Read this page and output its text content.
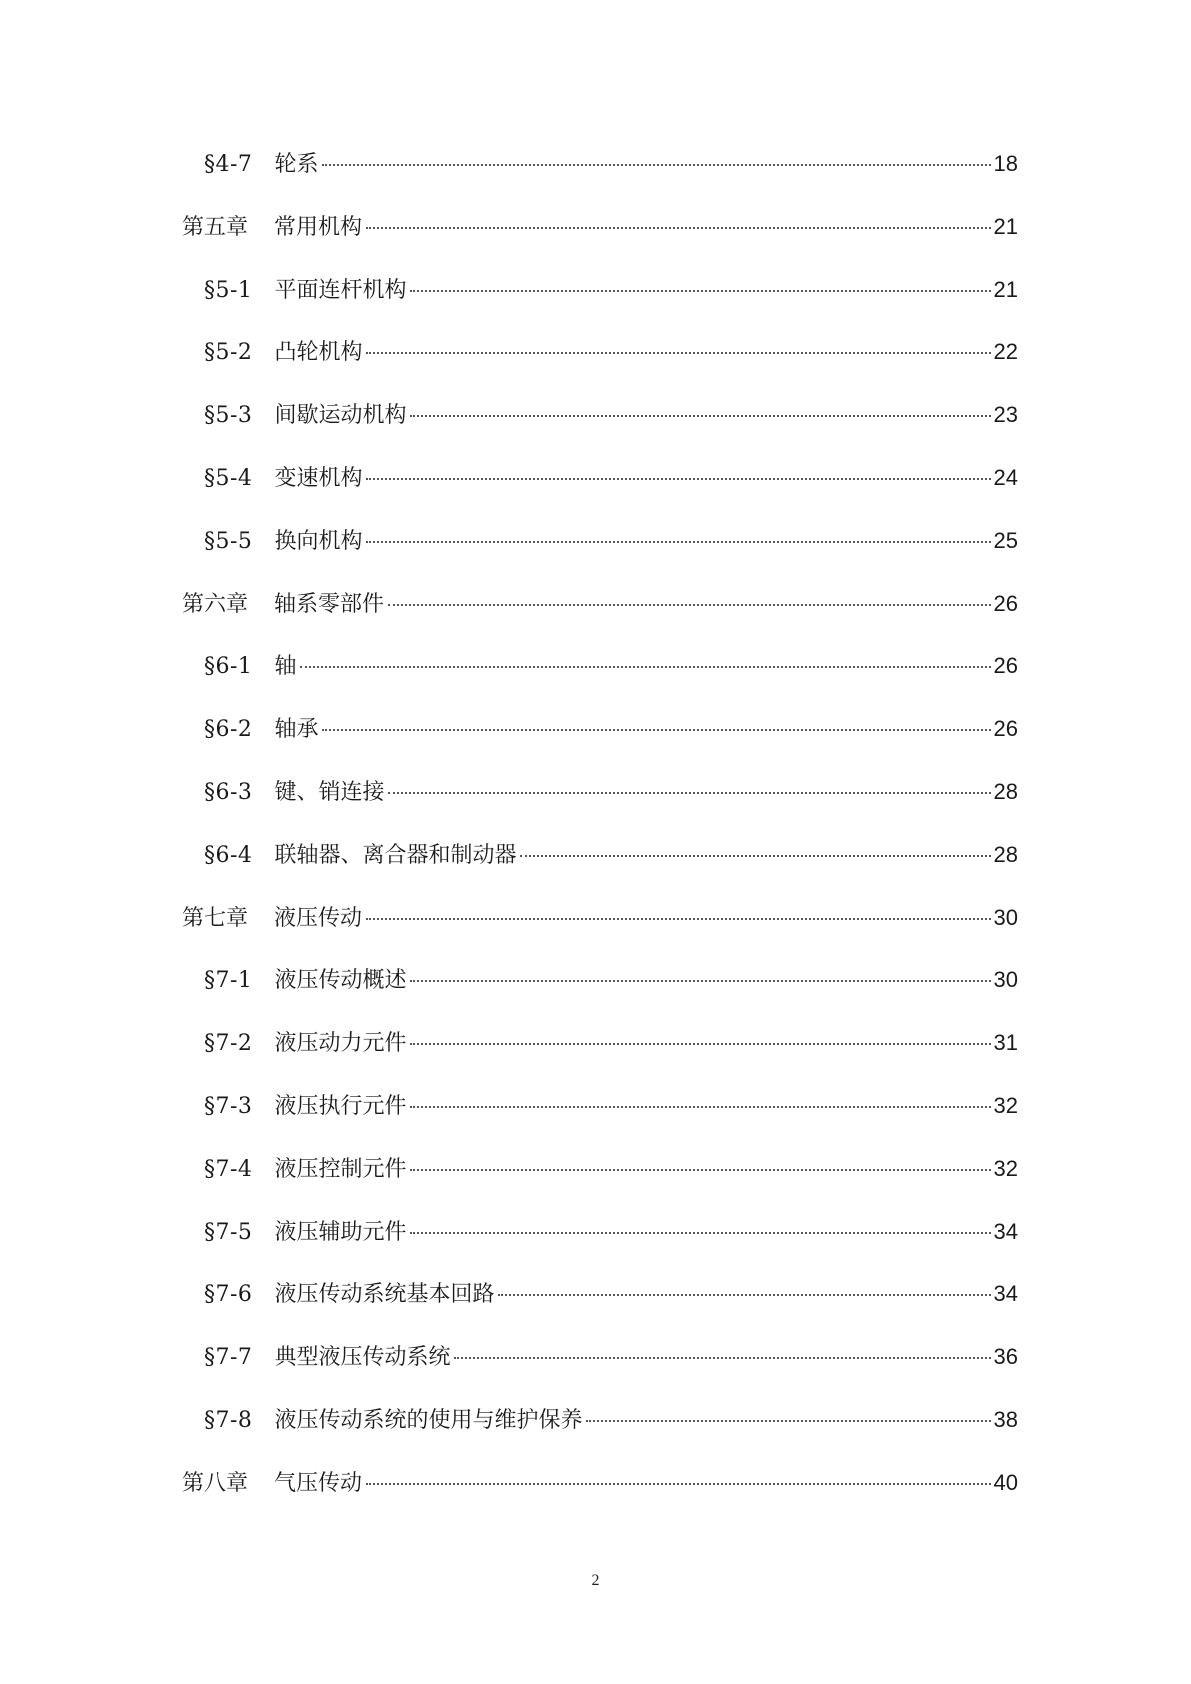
§4-7 轮系	18
第五章 常用机构	21
§5-1 平面连杆机构	21
§5-2 凸轮机构	22
§5-3 间歇运动机构	23
§5-4 变速机构	24
§5-5 换向机构	25
第六章 轴系零部件	26
§6-1 轴	26
§6-2 轴承	26
§6-3 键、销连接	28
§6-4 联轴器、离合器和制动器	28
第七章 液压传动	30
§7-1 液压传动概述	30
§7-2 液压动力元件	31
§7-3 液压执行元件	32
§7-4 液压控制元件	32
§7-5 液压辅助元件	34
§7-6 液压传动系统基本回路	34
§7-7 典型液压传动系统	36
§7-8 液压传动系统的使用与维护保养	38
第八章 气压传动	40
2
